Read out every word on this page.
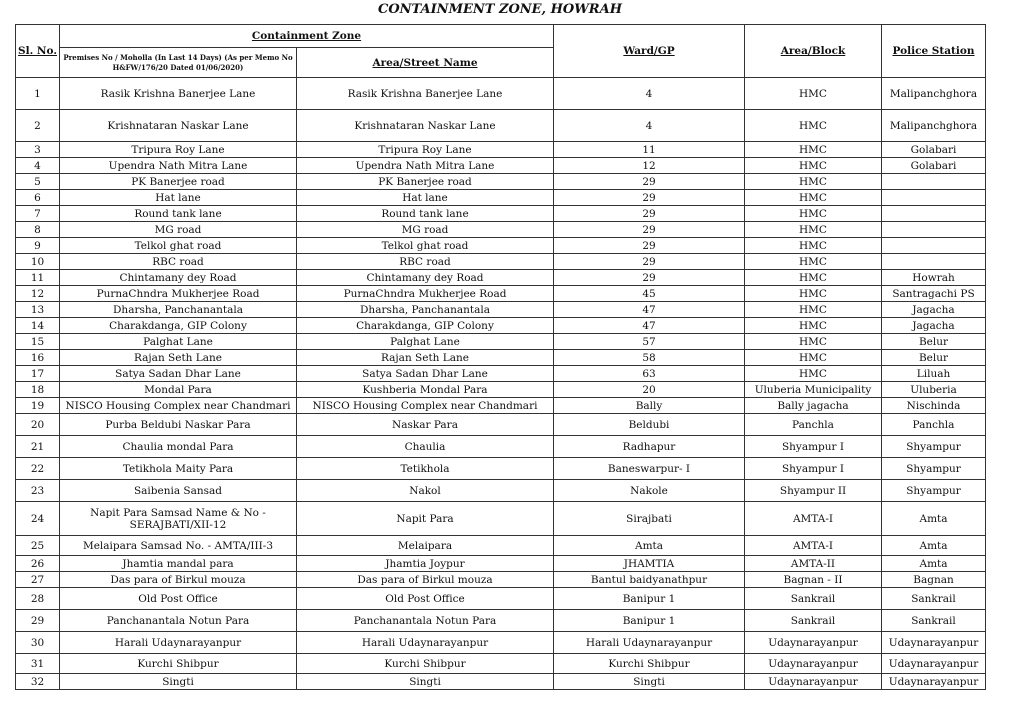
CONTAINMENT ZONE, HOWRAH
Sl. No.	Containment Zone		Ward/GP	Area/Block	Police Station
	Premises No / Moholla (In Last 14 Days) (As per Memo No H&FW/176/20 Dated 01/06/2020)	Area/Street Name			
1	Rasik Krishna Banerjee Lane	Rasik Krishna Banerjee Lane	4	HMC	Malipanchghora
2	Krishnataran Naskar Lane	Krishnataran Naskar Lane	4	HMC	Malipanchghora
3	Tripura Roy Lane	Tripura Roy Lane	11	HMC	Golabari
4	Upendra Nath Mitra Lane	Upendra Nath Mitra Lane	12	HMC	Golabari
5	PK Banerjee road	PK Banerjee road	29	HMC	
6	Hat lane	Hat lane	29	HMC	
7	Round tank lane	Round tank lane	29	HMC	
8	MG road	MG road	29	HMC	
9	Telkol ghat road	Telkol ghat road	29	HMC	
10	RBC road	RBC road	29	HMC	
11	Chintamany dey Road	Chintamany dey Road	29	HMC	Howrah
12	PurnaChndra Mukherjee Road	PurnaChndra Mukherjee Road	45	HMC	Santragachi PS
13	Dharsha, Panchanantala	Dharsha, Panchanantala	47	HMC	Jagacha
14	Charakdanga, GIP Colony	Charakdanga, GIP Colony	47	HMC	Jagacha
15	Palghat Lane	Palghat Lane	57	HMC	Belur
16	Rajan Seth Lane	Rajan Seth Lane	58	HMC	Belur
17	Satya Sadan Dhar Lane	Satya Sadan Dhar Lane	63	HMC	Liluah
18	Mondal Para	Kushberia Mondal Para	20	Uluberia Municipality	Uluberia
19	NISCO Housing Complex near Chandmari	NISCO Housing Complex near Chandmari	Bally	Bally jagacha	Nischinda
20	Purba Beldubi Naskar Para	Naskar Para	Beldubi	Panchla	Panchla
21	Chaulia mondal Para	Chaulia	Radhapur	Shyampur I	Shyampur
22	Tetikhola Maity Para	Tetikhola	Baneswarpur- I	Shyampur I	Shyampur
23	Saibenia Sansad	Nakol	Nakole	Shyampur II	Shyampur
24	Napit Para Samsad Name & No - SERAJBATI/XII-12	Napit Para	Sirajbati	AMTA-I	Amta
25	Melaipara Samsad No. - AMTA/III-3	Melaipara	Amta	AMTA-I	Amta
26	Jhamtia mandal para	Jhamtia Joypur	JHAMTIA	AMTA-II	Amta
27	Das para of Birkul mouza	Das para of Birkul mouza	Bantul baidyanathpur	Bagnan - II	Bagnan
28	Old Post Office	Old Post Office	Banipur 1	Sankrail	Sankrail
29	Panchanantala Notun Para	Panchanantala Notun Para	Banipur 1	Sankrail	Sankrail
30	Harali Udaynarayanpur	Harali Udaynarayanpur	Harali Udaynarayanpur	Udaynarayanpur	Udaynarayanpur
31	Kurchi Shibpur	Kurchi Shibpur	Kurchi Shibpur	Udaynarayanpur	Udaynarayanpur
32	Singti	Singti	Singti	Udaynarayanpur	Udaynarayanpur
